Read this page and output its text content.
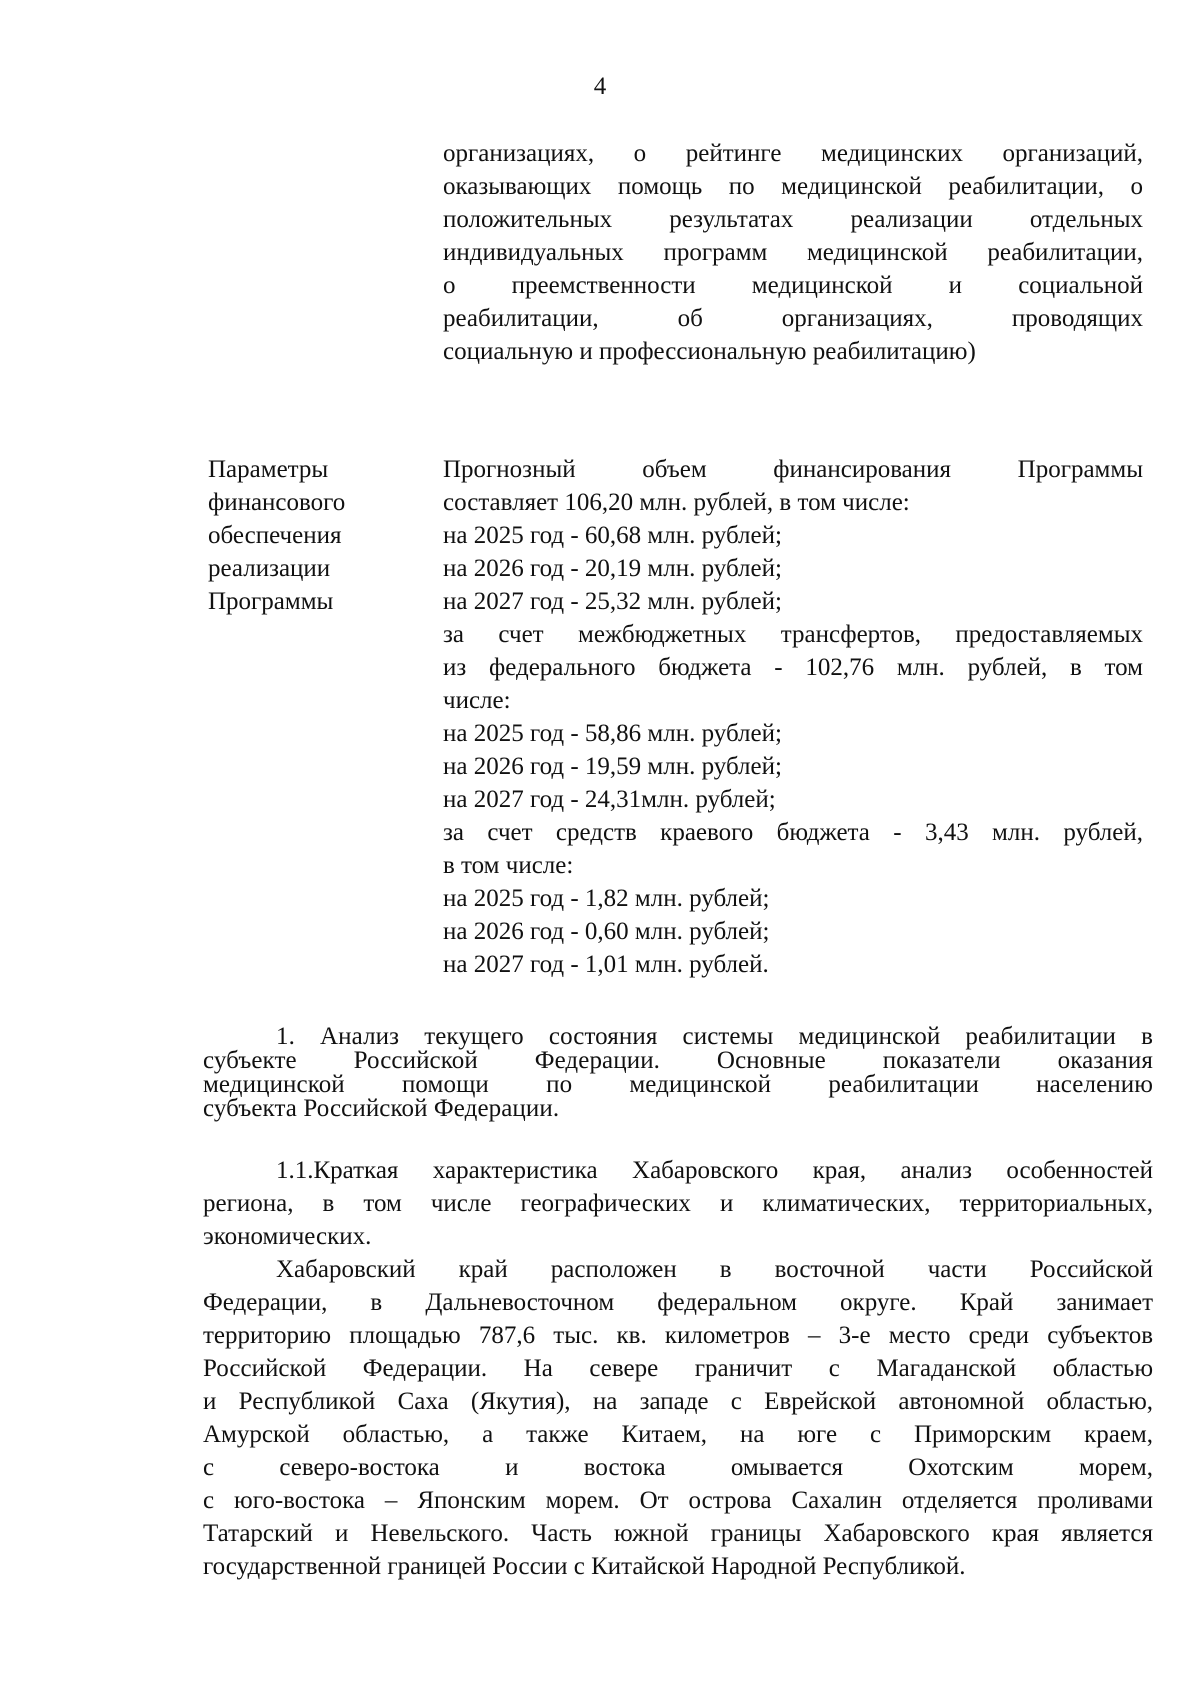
4
организациях, о рейтинге медицинских организаций,
оказывающих помощь по медицинской реабилитации, о
положительных результатах реализации отдельных
индивидуальных программ медицинской реабилитации,
о преемственности медицинской и социальной
реабилитации, об организациях, проводящих
социальную и профессиональную реабилитацию)
Параметры
финансового
обеспечения
реализации
Программы
Прогнозный объем финансирования Программы
составляет 106,20 млн. рублей, в том числе:
на 2025 год - 60,68 млн. рублей;
на 2026 год - 20,19 млн. рублей;
на 2027 год - 25,32 млн. рублей;
за счет межбюджетных трансфертов, предоставляемых
из федерального бюджета - 102,76 млн. рублей, в том
числе:
на 2025 год - 58,86 млн. рублей;
на 2026 год - 19,59 млн. рублей;
на 2027 год - 24,31млн. рублей;
за счет средств краевого бюджета - 3,43 млн. рублей,
в том числе:
на 2025 год - 1,82 млн. рублей;
на 2026 год - 0,60 млн. рублей;
на 2027 год - 1,01 млн. рублей.
1. Анализ текущего состояния системы медицинской реабилитации в
субъекте Российской Федерации. Основные показатели оказания
медицинской помощи по медицинской реабилитации населению
субъекта Российской Федерации.
1.1.Краткая характеристика Хабаровского края, анализ особенностей
региона, в том числе географических и климатических, территориальных,
экономических.
Хабаровский край расположен в восточной части Российской
Федерации, в Дальневосточном федеральном округе. Край занимает
территорию площадью 787,6 тыс. кв. километров – 3-е место среди субъектов
Российской Федерации. На севере граничит с Магаданской областью
и Республикой Саха (Якутия), на западе с Еврейской автономной областью,
Амурской областью, а также Китаем, на юге с Приморским краем,
с северо-востока и востока омывается Охотским морем,
с юго-востока – Японским морем. От острова Сахалин отделяется проливами
Татарский и Невельского. Часть южной границы Хабаровского края является
государственной границей России с Китайской Народной Республикой.
